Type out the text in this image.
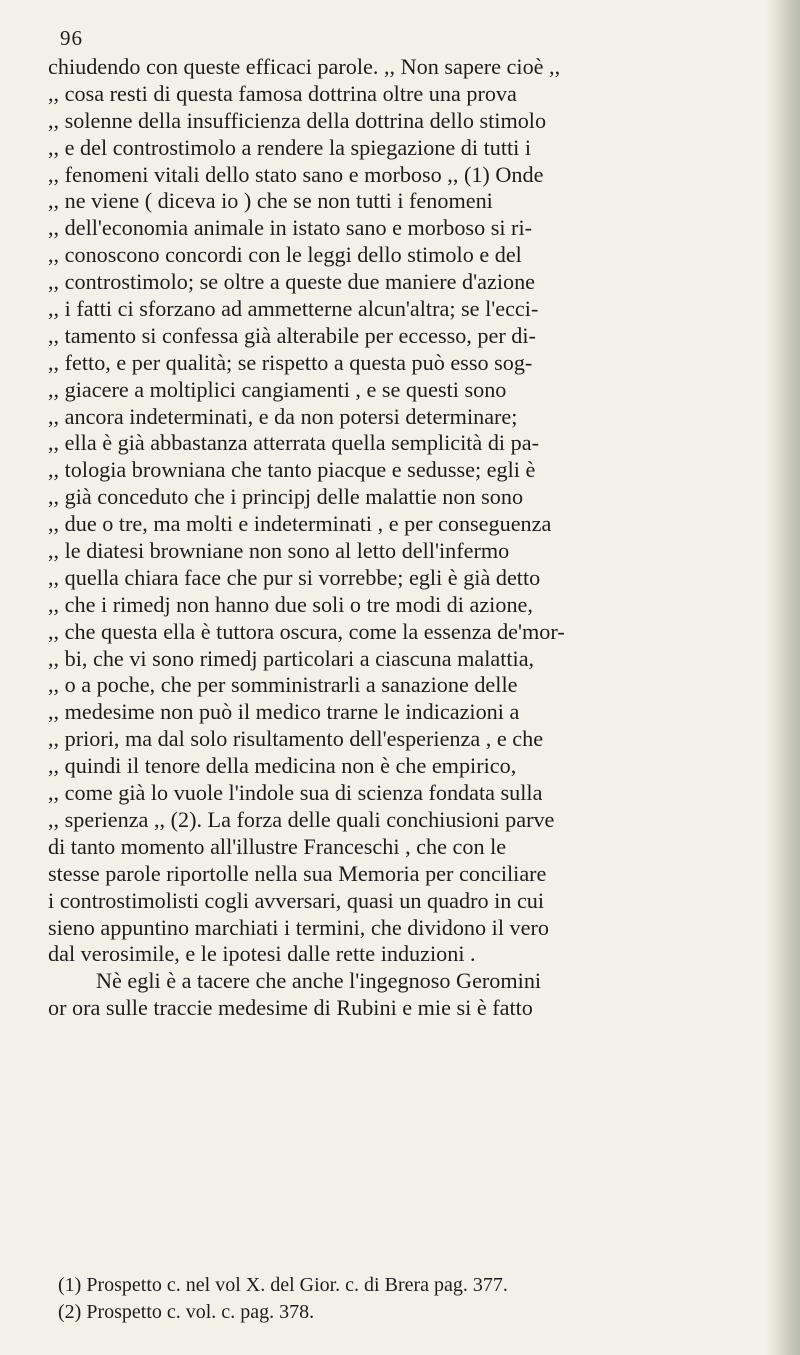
96
chiudendo con queste efficaci parole. ,, Non sapere cioè ,,
,, cosa resti di questa famosa dottrina oltre una prova
,, solenne della insufficienza della dottrina dello stimolo
,, e del controstimolo a rendere la spiegazione di tutti i
,, fenomeni vitali dello stato sano e morboso ,, (1) Onde
,, ne viene ( diceva io ) che se non tutti i fenomeni
,, dell'economia animale in istato sano e morboso si ri-
,, conoscono concordi con le leggi dello stimolo e del
,, controstimolo; se oltre a queste due maniere d'azione
,, i fatti ci sforzano ad ammetterne alcun'altra; se l'ecci-
,, tamento si confessa già alterabile per eccesso, per di-
,, fetto, e per qualità; se rispetto a questa può esso sog-
,, giacere a moltiplici cangiamenti , e se questi sono
,, ancora indeterminati, e da non potersi determinare;
,, ella è già abbastanza atterrata quella semplicità di pa-
,, tologia browniana che tanto piacque e sedusse; egli è
,, già conceduto che i principj delle malattie non sono
,, due o tre, ma molti e indeterminati , e per conseguenza
,, le diatesi browniane non sono al letto dell'infermo
,, quella chiara face che pur si vorrebbe; egli è già detto
,, che i rimedj non hanno due soli o tre modi di azione,
,, che questa ella è tuttora oscura, come la essenza de'mor-
,, bi, che vi sono rimedj particolari a ciascuna malattia,
,, o a poche, che per somministrarli a sanazione delle
,, medesime non può il medico trarne le indicazioni a
,, priori, ma dal solo risultamento dell'esperienza , e che
,, quindi il tenore della medicina non è che empirico,
,, come già lo vuole l'indole sua di scienza fondata sulla
,, sperienza ,, (2). La forza delle quali conchiusioni parve
di tanto momento all'illustre Franceschi , che con le
stesse parole riportolle nella sua Memoria per conciliare
i controstimolisti cogli avversari, quasi un quadro in cui
sieno appuntino marchiati i termini, che dividono il vero
dal verosimile, e le ipotesi dalle rette induzioni .
Nè egli è a tacere che anche l'ingegnoso Geromini
or ora sulle traccie medesime di Rubini e mie si è fatto
(1) Prospetto c. nel vol X. del Gior. c. di Brera pag. 377.
(2) Prospetto c. vol. c. pag. 378.
